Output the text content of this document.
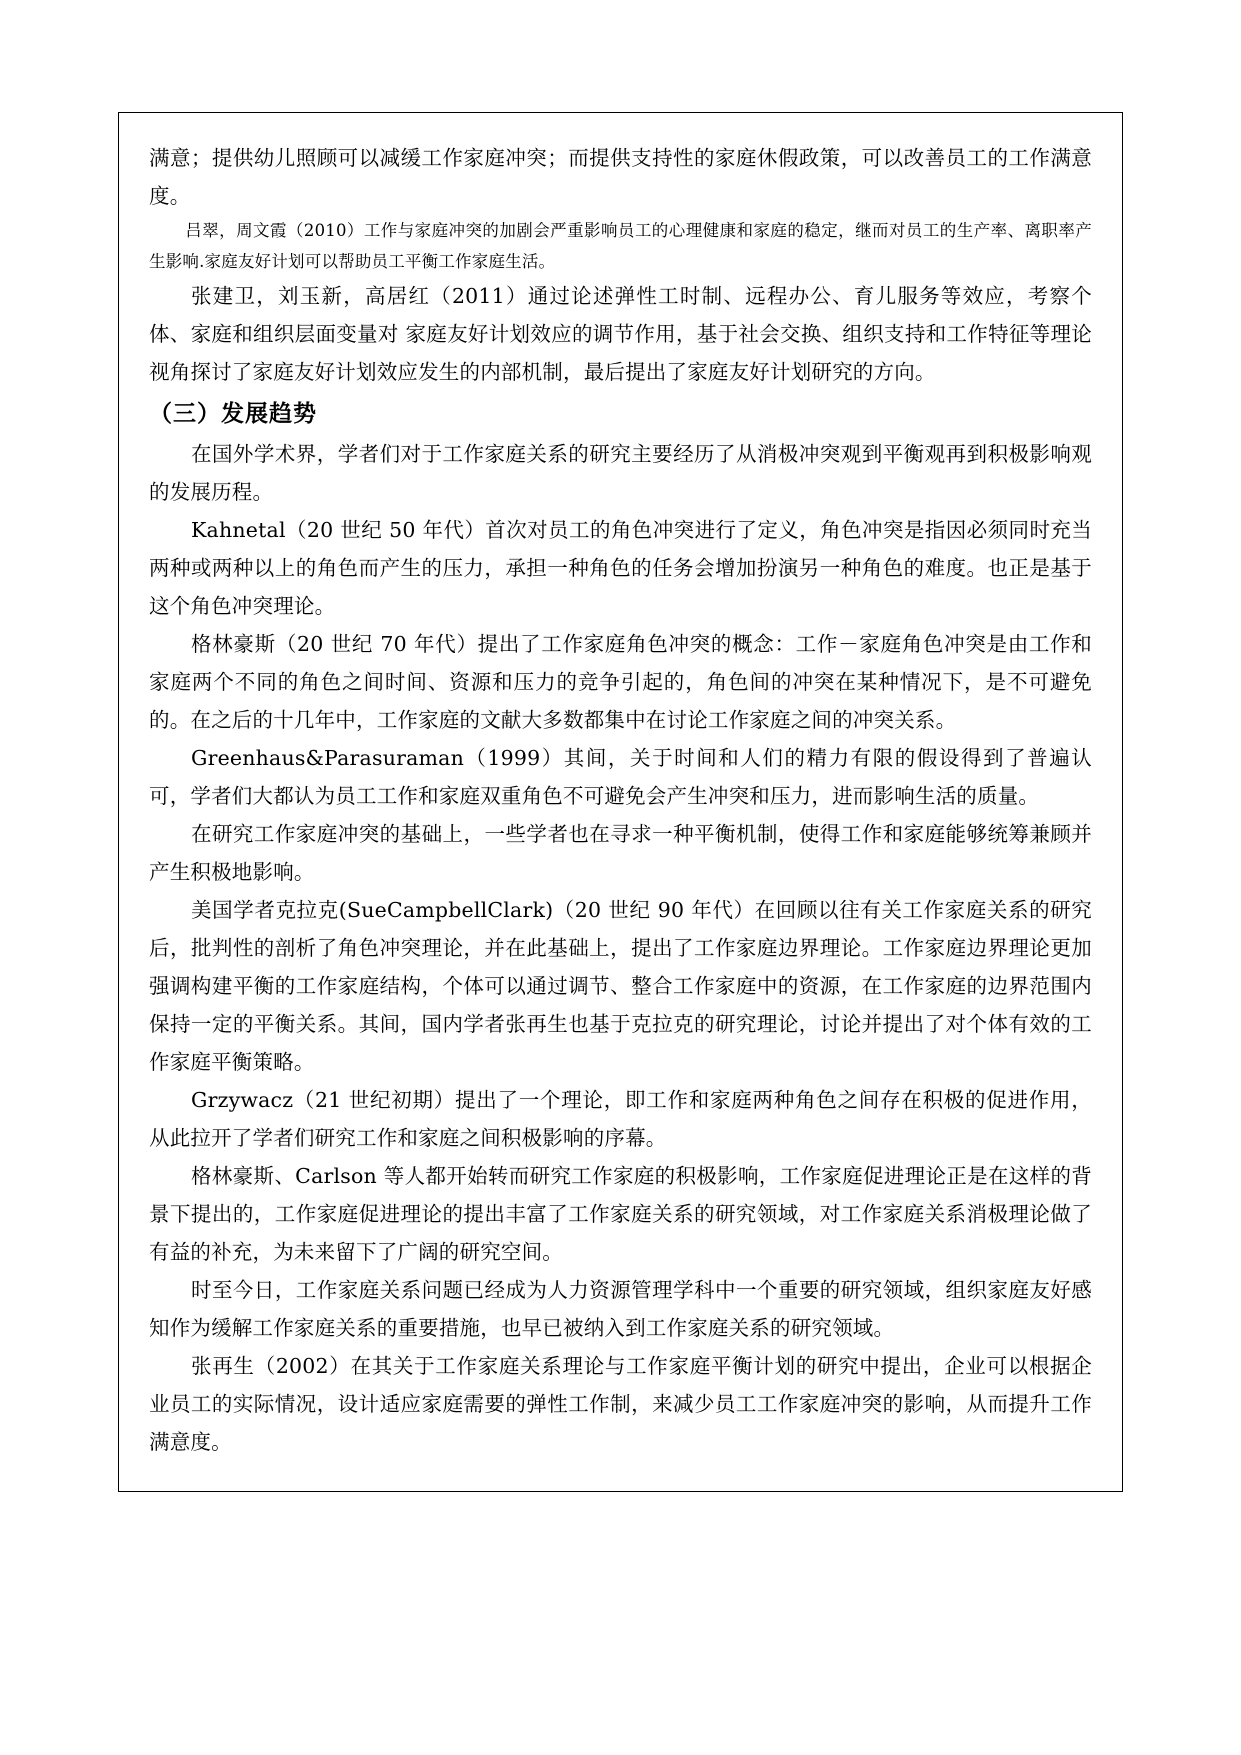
满意；提供幼儿照顾可以减缓工作家庭冲突；而提供支持性的家庭休假政策，可以改善员工的工作满意度。

吕翠，周文霞（2010）工作与家庭冲突的加剧会严重影响员工的心理健康和家庭的稳定，继而对员工的生产率、离职率产生影响.家庭友好计划可以帮助员工平衡工作家庭生活。

张建卫，刘玉新，高居红（2011）通过论述弹性工时制、远程办公、育儿服务等效应，考察个体、家庭和组织层面变量对 家庭友好计划效应的调节作用，基于社会交换、组织支持和工作特征等理论视角探讨了家庭友好计划效应发生的内部机制，最后提出了家庭友好计划研究的方向。

（三）发展趋势

在国外学术界，学者们对于工作家庭关系的研究主要经历了从消极冲突观到平衡观再到积极影响观的发展历程。

Kahnetal（20 世纪 50 年代）首次对员工的角色冲突进行了定义，角色冲突是指因必须同时充当两种或两种以上的角色而产生的压力，承担一种角色的任务会增加扮演另一种角色的难度。也正是基于这个角色冲突理论。

格林豪斯（20 世纪 70 年代）提出了工作家庭角色冲突的概念：工作－家庭角色冲突是由工作和家庭两个不同的角色之间时间、资源和压力的竞争引起的，角色间的冲突在某种情况下，是不可避免的。在之后的十几年中，工作家庭的文献大多数都集中在讨论工作家庭之间的冲突关系。

Greenhaus&Parasuraman（1999）其间，关于时间和人们的精力有限的假设得到了普遍认可，学者们大都认为员工工作和家庭双重角色不可避免会产生冲突和压力，进而影响生活的质量。

在研究工作家庭冲突的基础上，一些学者也在寻求一种平衡机制，使得工作和家庭能够统筹兼顾并产生积极地影响。

美国学者克拉克(SueCampbellClark)（20 世纪 90 年代）在回顾以往有关工作家庭关系的研究后，批判性的剖析了角色冲突理论，并在此基础上，提出了工作家庭边界理论。工作家庭边界理论更加强调构建平衡的工作家庭结构，个体可以通过调节、整合工作家庭中的资源，在工作家庭的边界范围内保持一定的平衡关系。其间，国内学者张再生也基于克拉克的研究理论，讨论并提出了对个体有效的工作家庭平衡策略。

Grzywacz（21 世纪初期）提出了一个理论，即工作和家庭两种角色之间存在积极的促进作用，从此拉开了学者们研究工作和家庭之间积极影响的序幕。

格林豪斯、Carlson 等人都开始转而研究工作家庭的积极影响，工作家庭促进理论正是在这样的背景下提出的，工作家庭促进理论的提出丰富了工作家庭关系的研究领域，对工作家庭关系消极理论做了有益的补充，为未来留下了广阔的研究空间。

时至今日，工作家庭关系问题已经成为人力资源管理学科中一个重要的研究领域，组织家庭友好感知作为缓解工作家庭关系的重要措施，也早已被纳入到工作家庭关系的研究领域。

张再生（2002）在其关于工作家庭关系理论与工作家庭平衡计划的研究中提出，企业可以根据企业员工的实际情况，设计适应家庭需要的弹性工作制，来减少员工工作家庭冲突的影响，从而提升工作满意度。
